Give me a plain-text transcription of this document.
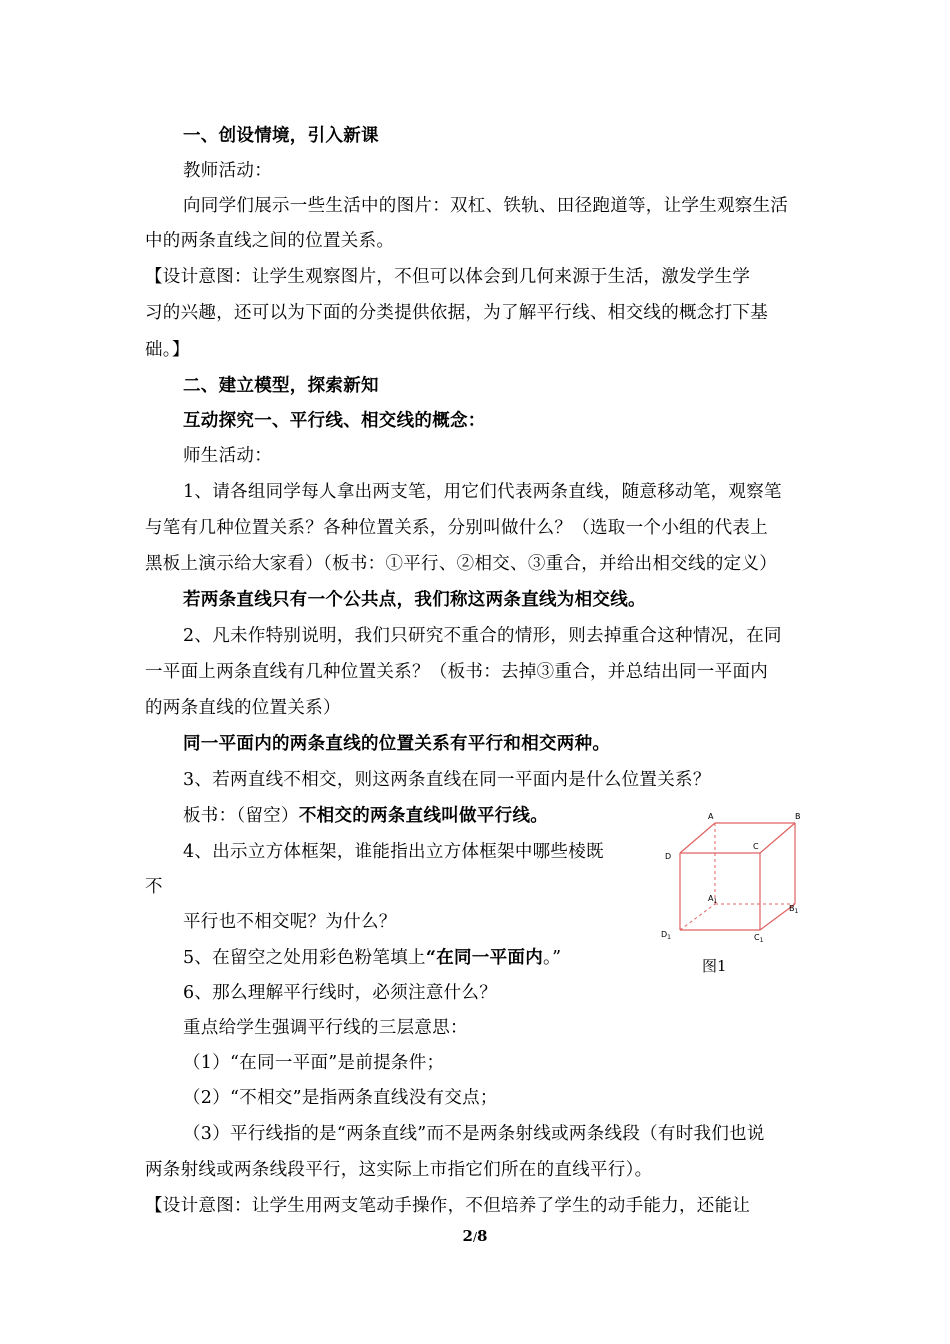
一、创设情境，引入新课
教师活动：
向同学们展示一些生活中的图片：双杠、铁轨、田径跑道等，让学生观察生活
中的两条直线之间的位置关系。
【设计意图：让学生观察图片，不但可以体会到几何来源于生活，激发学生学
习的兴趣，还可以为下面的分类提供依据，为了解平行线、相交线的概念打下基
础。】
二、建立模型，探索新知
互动探究一、平行线、相交线的概念：
师生活动：
1、请各组同学每人拿出两支笔，用它们代表两条直线，随意移动笔，观察笔
与笔有几种位置关系？各种位置关系，分别叫做什么？（选取一个小组的代表上
黑板上演示给大家看）（板书：①平行、②相交、③重合，并给出相交线的定义）
若两条直线只有一个公共点，我们称这两条直线为相交线。
2、凡未作特别说明，我们只研究不重合的情形，则去掉重合这种情况，在同
一平面上两条直线有几种位置关系？（板书：去掉③重合，并总结出同一平面内
的两条直线的位置关系）
同一平面内的两条直线的位置关系有平行和相交两种。
3、若两直线不相交，则这两条直线在同一平面内是什么位置关系？
板书：（留空）不相交的两条直线叫做平行线。
4、出示立方体框架，谁能指出立方体框架中哪些棱既
不
平行也不相交呢？为什么？
5、在留空之处用彩色粉笔填上“在同一平面内。”
6、那么理解平行线时，必须注意什么？
重点给学生强调平行线的三层意思：
（1）“在同一平面”是前提条件；
（2）“不相交”是指两条直线没有交点；
（3）平行线指的是“两条直线”而不是两条射线或两条线段（有时我们也说
两条射线或两条线段平行，这实际上市指它们所在的直线平行）。
【设计意图：让学生用两支笔动手操作，不但培养了学生的动手能力，还能让
A	B
C
D
$A_1$
$B_1$
$C_1$
$D_1$
图1
2/8
